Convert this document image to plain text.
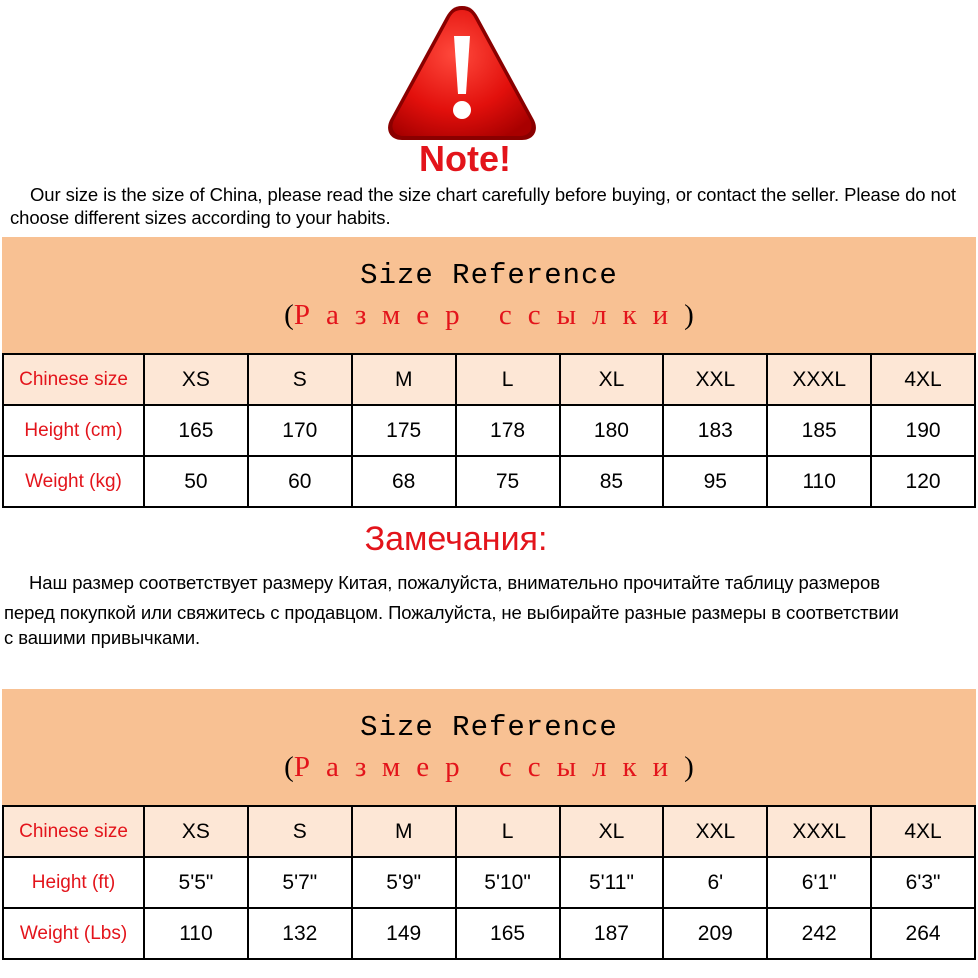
Note!
Our size is the size of China, please read the size chart carefully before buying, or contact the seller. Please do not choose different sizes according to your habits.
Size Reference
(Размер ссылки)
Chinese size	XS	S	M	L	XL	XXL	XXXL	4XL
Height (cm)	165	170	175	178	180	183	185	190
Weight (kg)	50	60	68	75	85	95	110	120
Замечания:
Наш размер соответствует размеру Китая, пожалуйста, внимательно прочитайте таблицу размеров
перед покупкой или свяжитесь с продавцом. Пожалуйста, не выбирайте разные размеры в соответствии
с вашими привычками.
Size Reference
(Размер ссылки)
Chinese size	XS	S	M	L	XL	XXL	XXXL	4XL
Height (ft)	5'5"	5'7"	5'9"	5'10"	5'11"	6'	6'1"	6'3"
Weight (Lbs)	110	132	149	165	187	209	242	264
